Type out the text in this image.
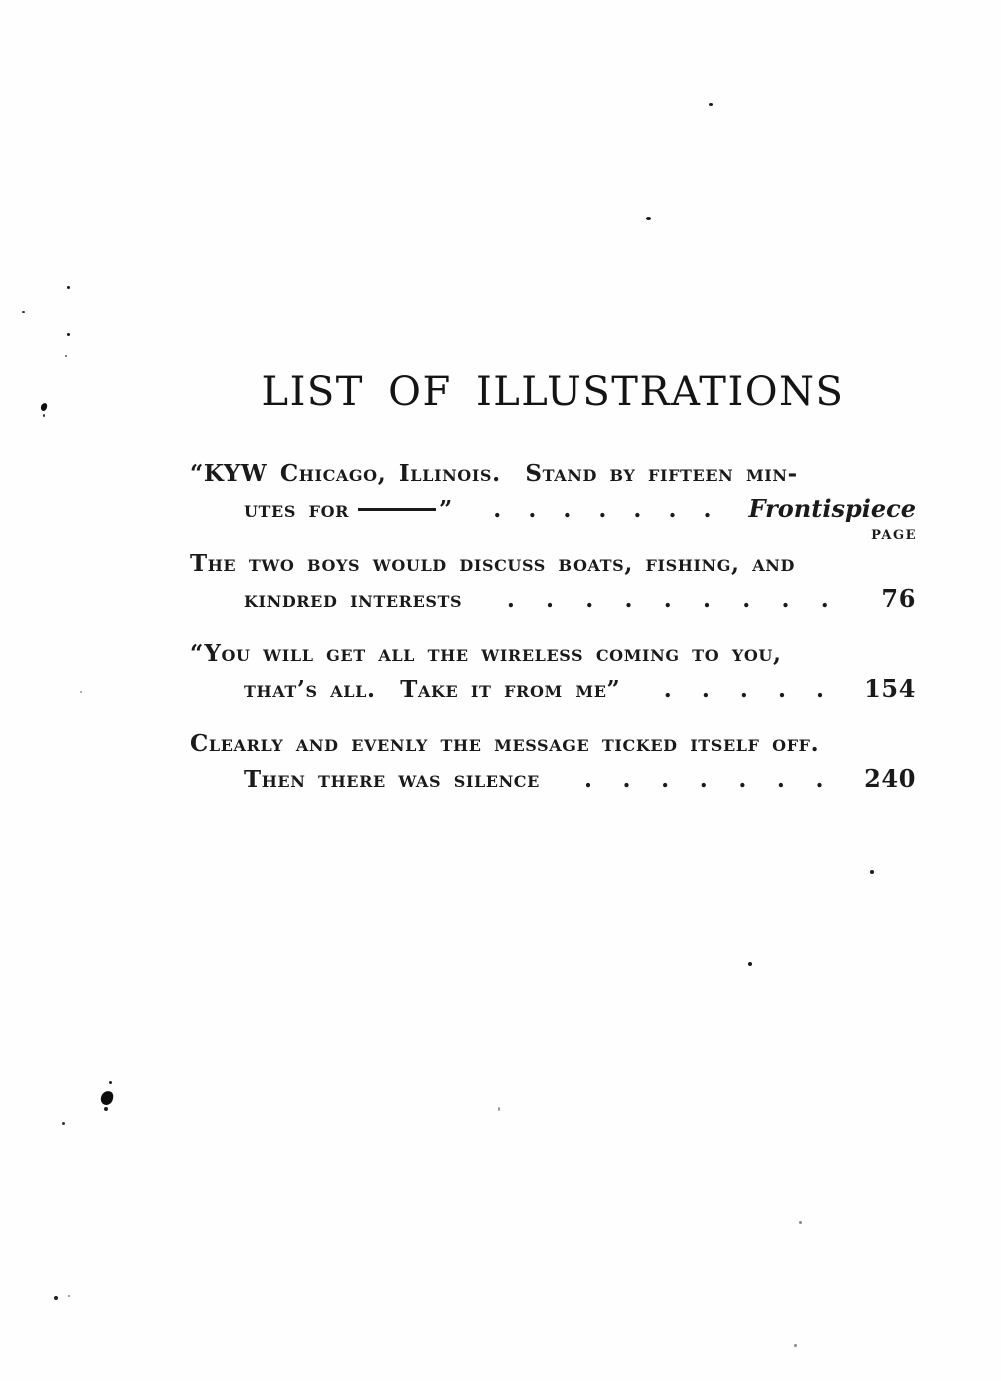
LIST OF ILLUSTRATIONS
PAGE
“KYW Chicago, Illinois.  Stand by fifteen min-
utes for	” . . . . . . . Frontispiece
The two boys would discuss boats, fishing, and
kindred interests . . . . . . . . .	76
“You will get all the wireless coming to you,
that’s all.  Take it from me” . . . . . 154
Clearly and evenly the message ticked itself off.
Then there was silence . . . . . . . 240
